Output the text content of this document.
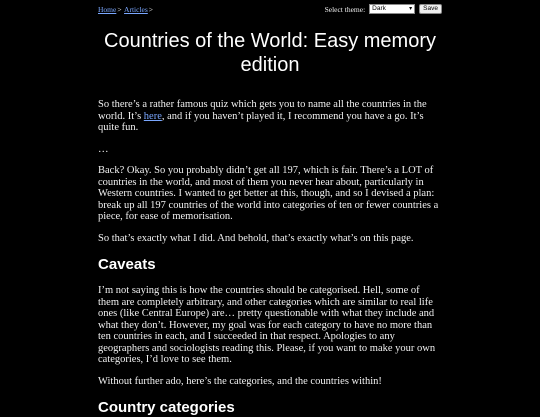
Home> Articles>	Select theme:	Dark	▾	Save
Countries of the World: Easy memory edition

So there’s a rather famous quiz which gets you to name all the countries in the world. It’s here, and if you haven’t played it, I recommend you have a go. It’s quite fun.

…

Back? Okay. So you probably didn’t get all 197, which is fair. There’s a LOT of countries in the world, and most of them you never hear about, particularly in Western countries. I wanted to get better at this, though, and so I devised a plan: break up all 197 countries of the world into categories of ten or fewer countries a piece, for ease of memorisation.

So that’s exactly what I did. And behold, that’s exactly what’s on this page.

Caveats

I’m not saying this is how the countries should be categorised. Hell, some of them are completely arbitrary, and other categories which are similar to real life ones (like Central Europe) are… pretty questionable with what they include and what they don’t. However, my goal was for each category to have no more than ten countries in each, and I succeeded in that respect. Apologies to any geographers and sociologists reading this. Please, if you want to make your own categories, I’d love to see them.

Without further ado, here’s the categories, and the countries within!

Country categories
